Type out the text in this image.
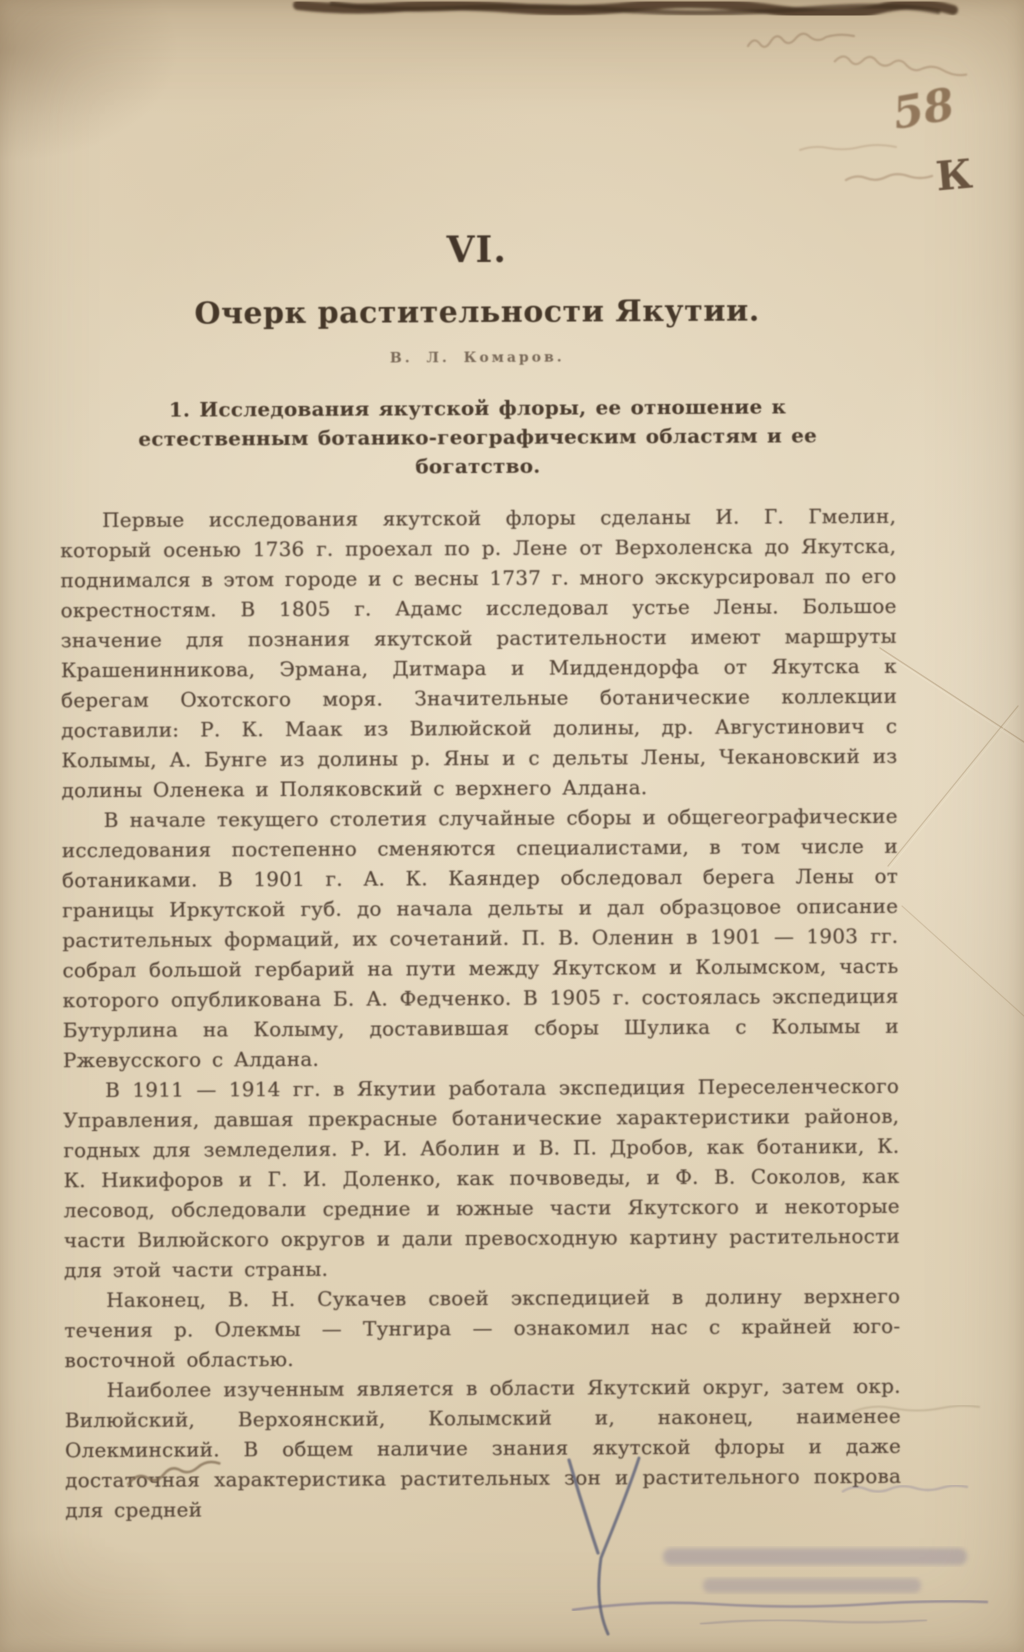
VI.
Очерк растительности Якутии.
В. Л. Комаров.
1. Исследования якутской флоры, ее отношение к естественным ботанико-географическим областям и ее богатство.

Первые исследования якутской флоры сделаны И. Г. Гмелин, который осенью 1736 г. проехал по р. Лене от Верхоленска до Якутска, поднимался в этом городе и с весны 1737 г. много экскурсировал по его окрестностям. В 1805 г. Адамс исследовал устье Лены. Большое значение для познания якутской растительности имеют маршруты Крашенинникова, Эрмана, Дитмара и Миддендорфа от Якутска к берегам Охотского моря. Значительные ботанические коллекции доставили: Р. К. Маак из Вилюйской долины, др. Августинович с Колымы, А. Бунге из долины р. Яны и с дельты Лены, Чекановский из долины Оленека и Поляковский с верхнего Алдана.

В начале текущего столетия случайные сборы и общегеографические исследования постепенно сменяются специалистами, в том числе и ботаниками. В 1901 г. А. К. Каяндер обследовал берега Лены от границы Иркутской губ. до начала дельты и дал образцовое описание растительных формаций, их сочетаний. П. В. Оленин в 1901 — 1903 гг. собрал большой гербарий на пути между Якутском и Колымском, часть которого опубликована Б. А. Федченко. В 1905 г. состоялась экспедиция Бутурлина на Колыму, доставившая сборы Шулика с Колымы и Ржевусского с Алдана.

В 1911 — 1914 гг. в Якутии работала экспедиция Переселенческого Управления, давшая прекрасные ботанические характеристики районов, годных для земледелия. Р. И. Аболин и В. П. Дробов, как ботаники, К. К. Никифоров и Г. И. Доленко, как почвоведы, и Ф. В. Соколов, как лесовод, обследовали средние и южные части Якутского и некоторые части Вилюйского округов и дали превосходную картину растительности для этой части страны.

Наконец, В. Н. Сукачев своей экспедицией в долину верхнего течения р. Олекмы — Тунгира — ознакомил нас с крайней юго-восточной областью.

Наиболее изученным является в области Якутский округ, затем окр. Вилюйский, Верхоянский, Колымский и, наконец, наименее Олекминский. В общем наличие знания якутской флоры и даже достаточная характеристика растительных зон и растительного покрова для средней

58
К
